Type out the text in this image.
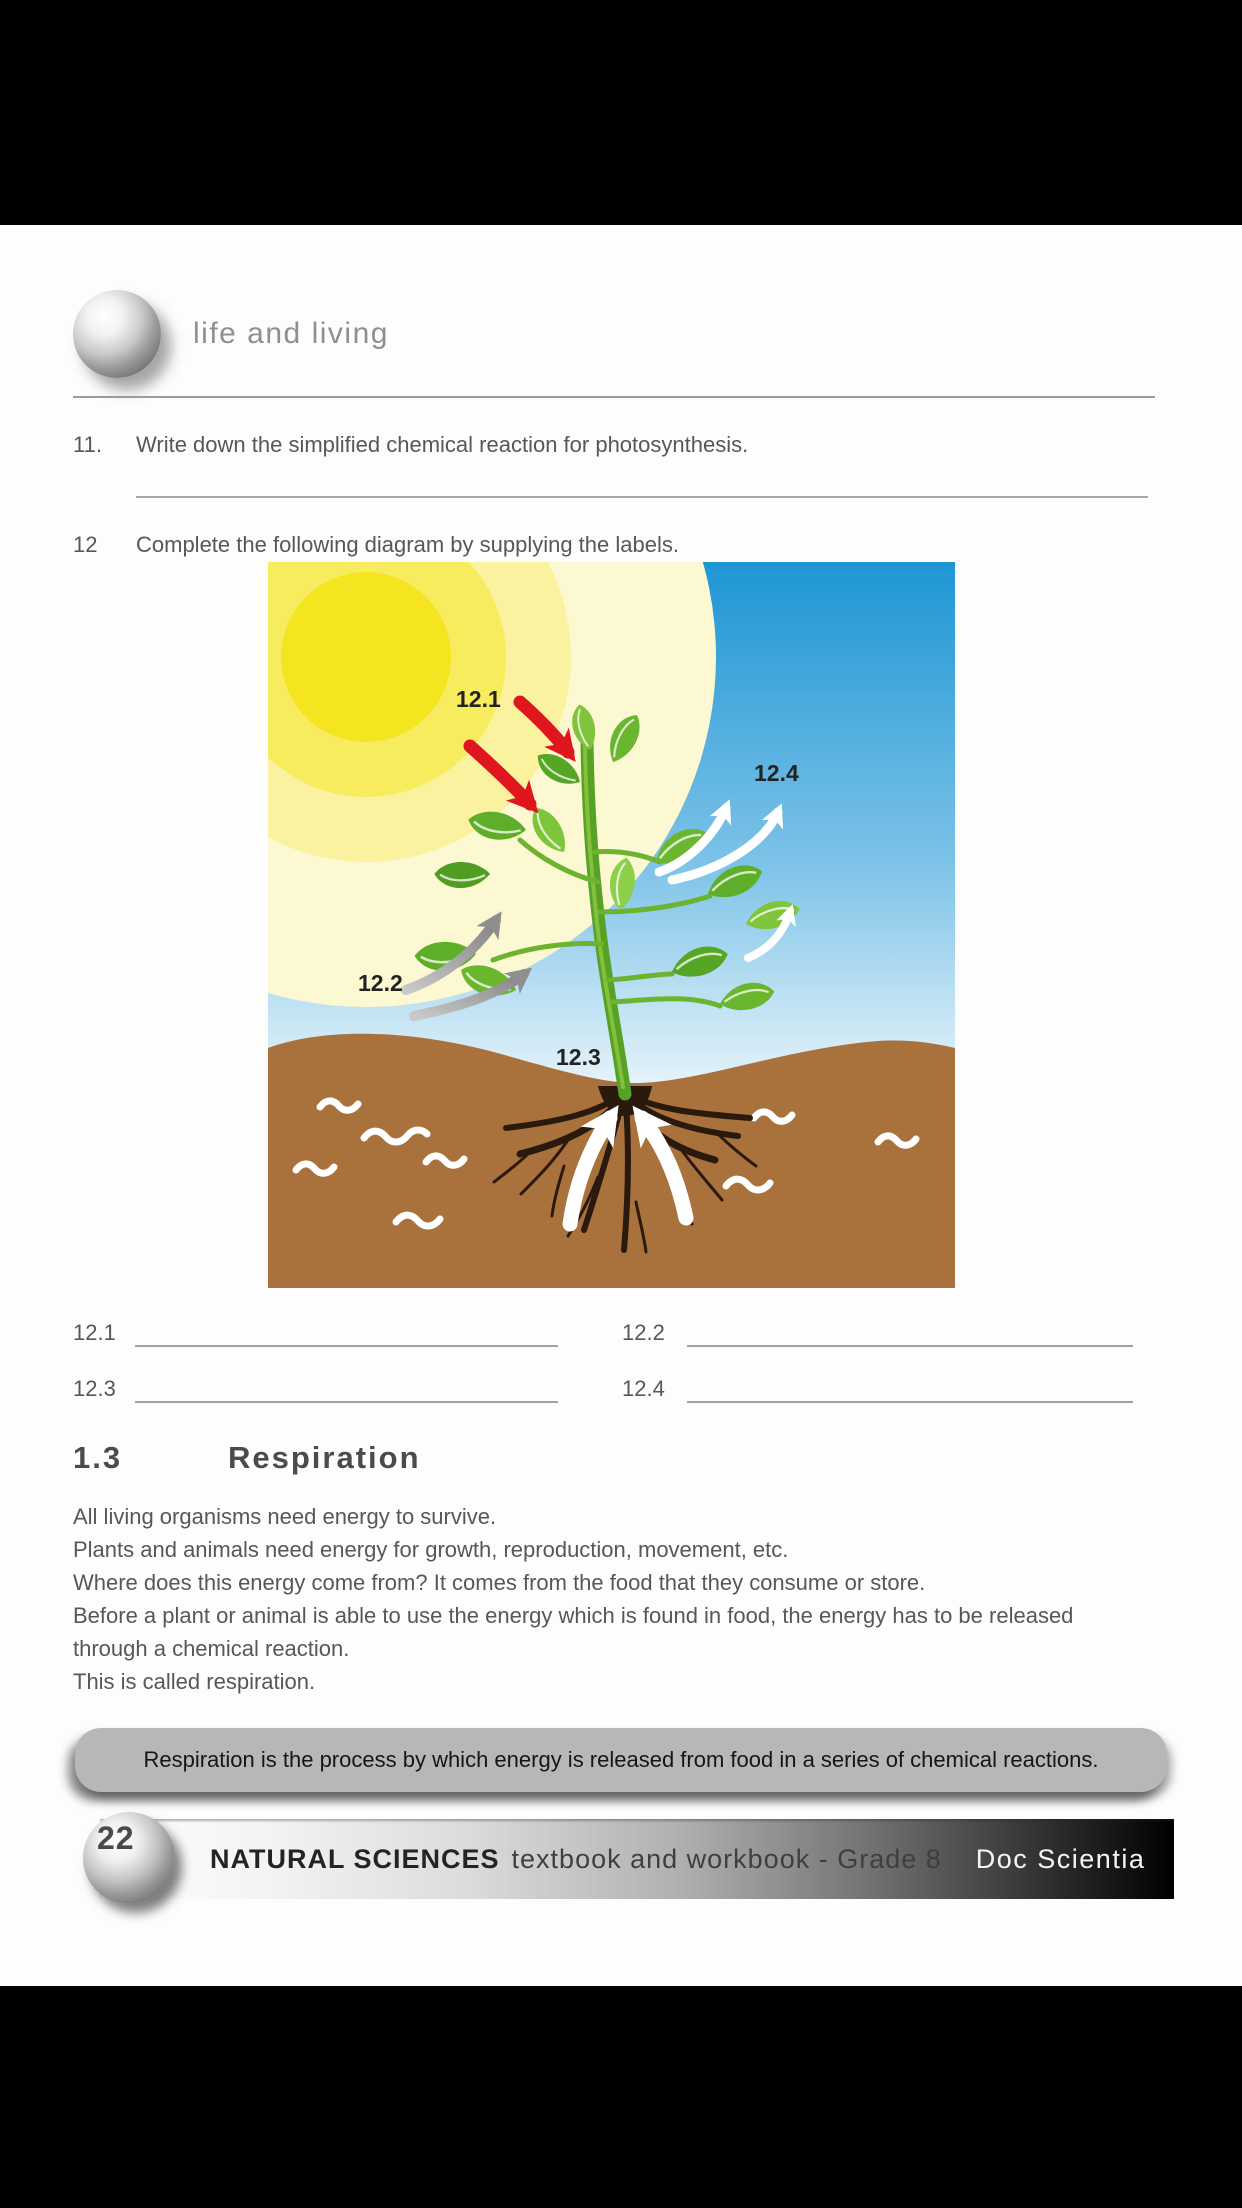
life and living
11. Write down the simplified chemical reaction for photosynthesis.
12 Complete the following diagram by supplying the labels.
12.1
12.2
12.3
12.4
12.1	12.2
12.3	12.4
1.3	Respiration
All living organisms need energy to survive.
Plants and animals need energy for growth, reproduction, movement, etc.
Where does this energy come from? It comes from the food that they consume or store.
Before a plant or animal is able to use the energy which is found in food, the energy has to be released
through a chemical reaction.
This is called respiration.
Respiration is the process by which energy is released from food in a series of chemical reactions.
NATURAL SCIENCES textbook and workbook - Grade 8 Doc Scientia
22
